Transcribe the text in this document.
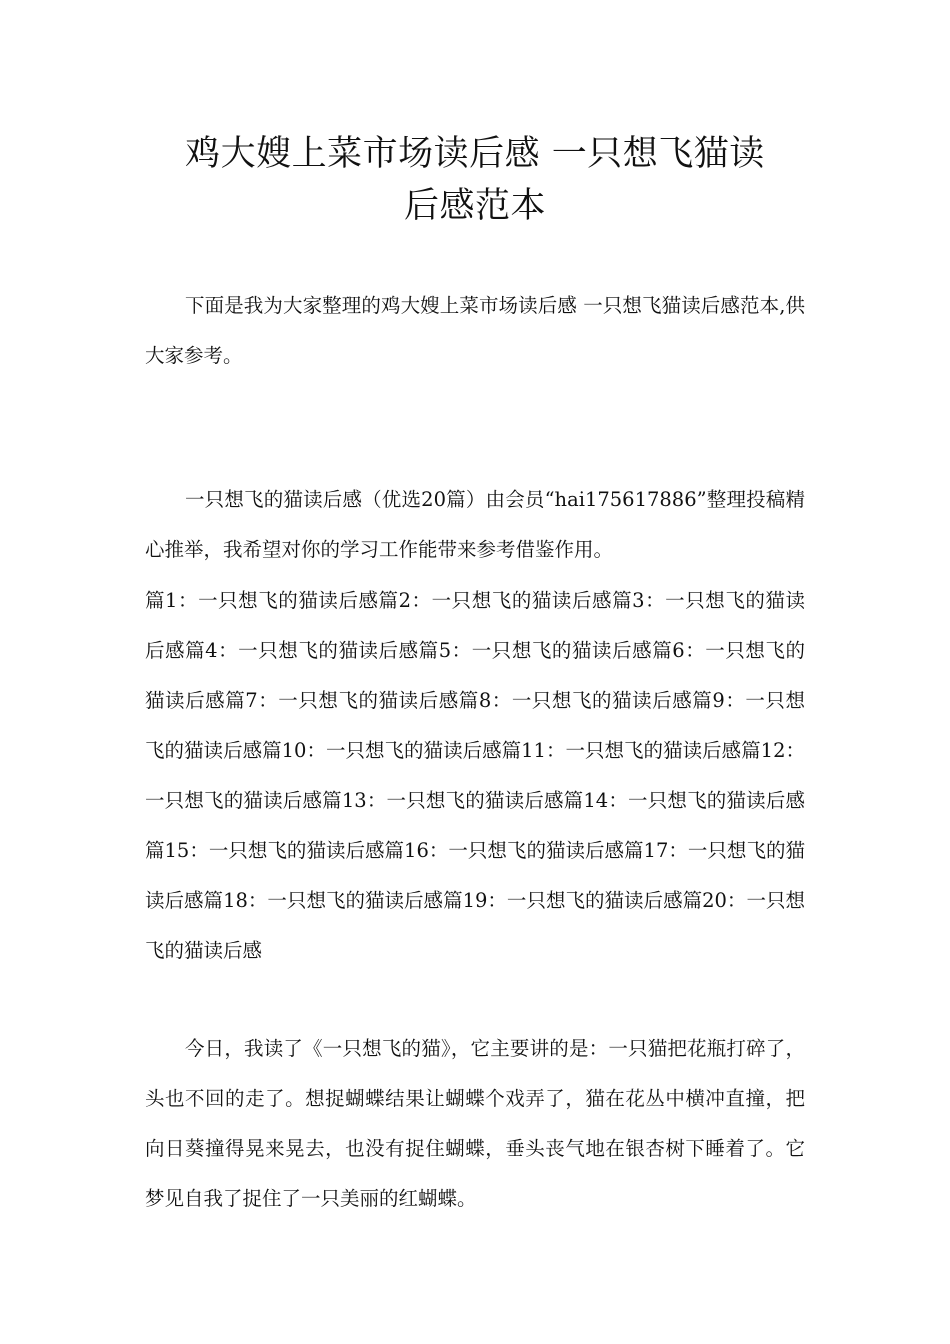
鸡大嫂上菜市场读后感 一只想飞猫读
后感范本

下面是我为大家整理的鸡大嫂上菜市场读后感 一只想飞猫读后感范本,供大家参考。

一只想飞的猫读后感（优选20篇）由会员“hai175617886”整理投稿精心推举，我希望对你的学习工作能带来参考借鉴作用。

篇1：一只想飞的猫读后感篇2：一只想飞的猫读后感篇3：一只想飞的猫读后感篇4：一只想飞的猫读后感篇5：一只想飞的猫读后感篇6：一只想飞的猫读后感篇7：一只想飞的猫读后感篇8：一只想飞的猫读后感篇9：一只想飞的猫读后感篇10：一只想飞的猫读后感篇11：一只想飞的猫读后感篇12：一只想飞的猫读后感篇13：一只想飞的猫读后感篇14：一只想飞的猫读后感篇15：一只想飞的猫读后感篇16：一只想飞的猫读后感篇17：一只想飞的猫读后感篇18：一只想飞的猫读后感篇19：一只想飞的猫读后感篇20：一只想飞的猫读后感

今日，我读了《一只想飞的猫》，它主要讲的是：一只猫把花瓶打碎了，头也不回的走了。想捉蝴蝶结果让蝴蝶个戏弄了，猫在花丛中横冲直撞，把向日葵撞得晃来晃去，也没有捉住蝴蝶，垂头丧气地在银杏树下睡着了。它梦见自我了捉住了一只美丽的红蝴蝶。
